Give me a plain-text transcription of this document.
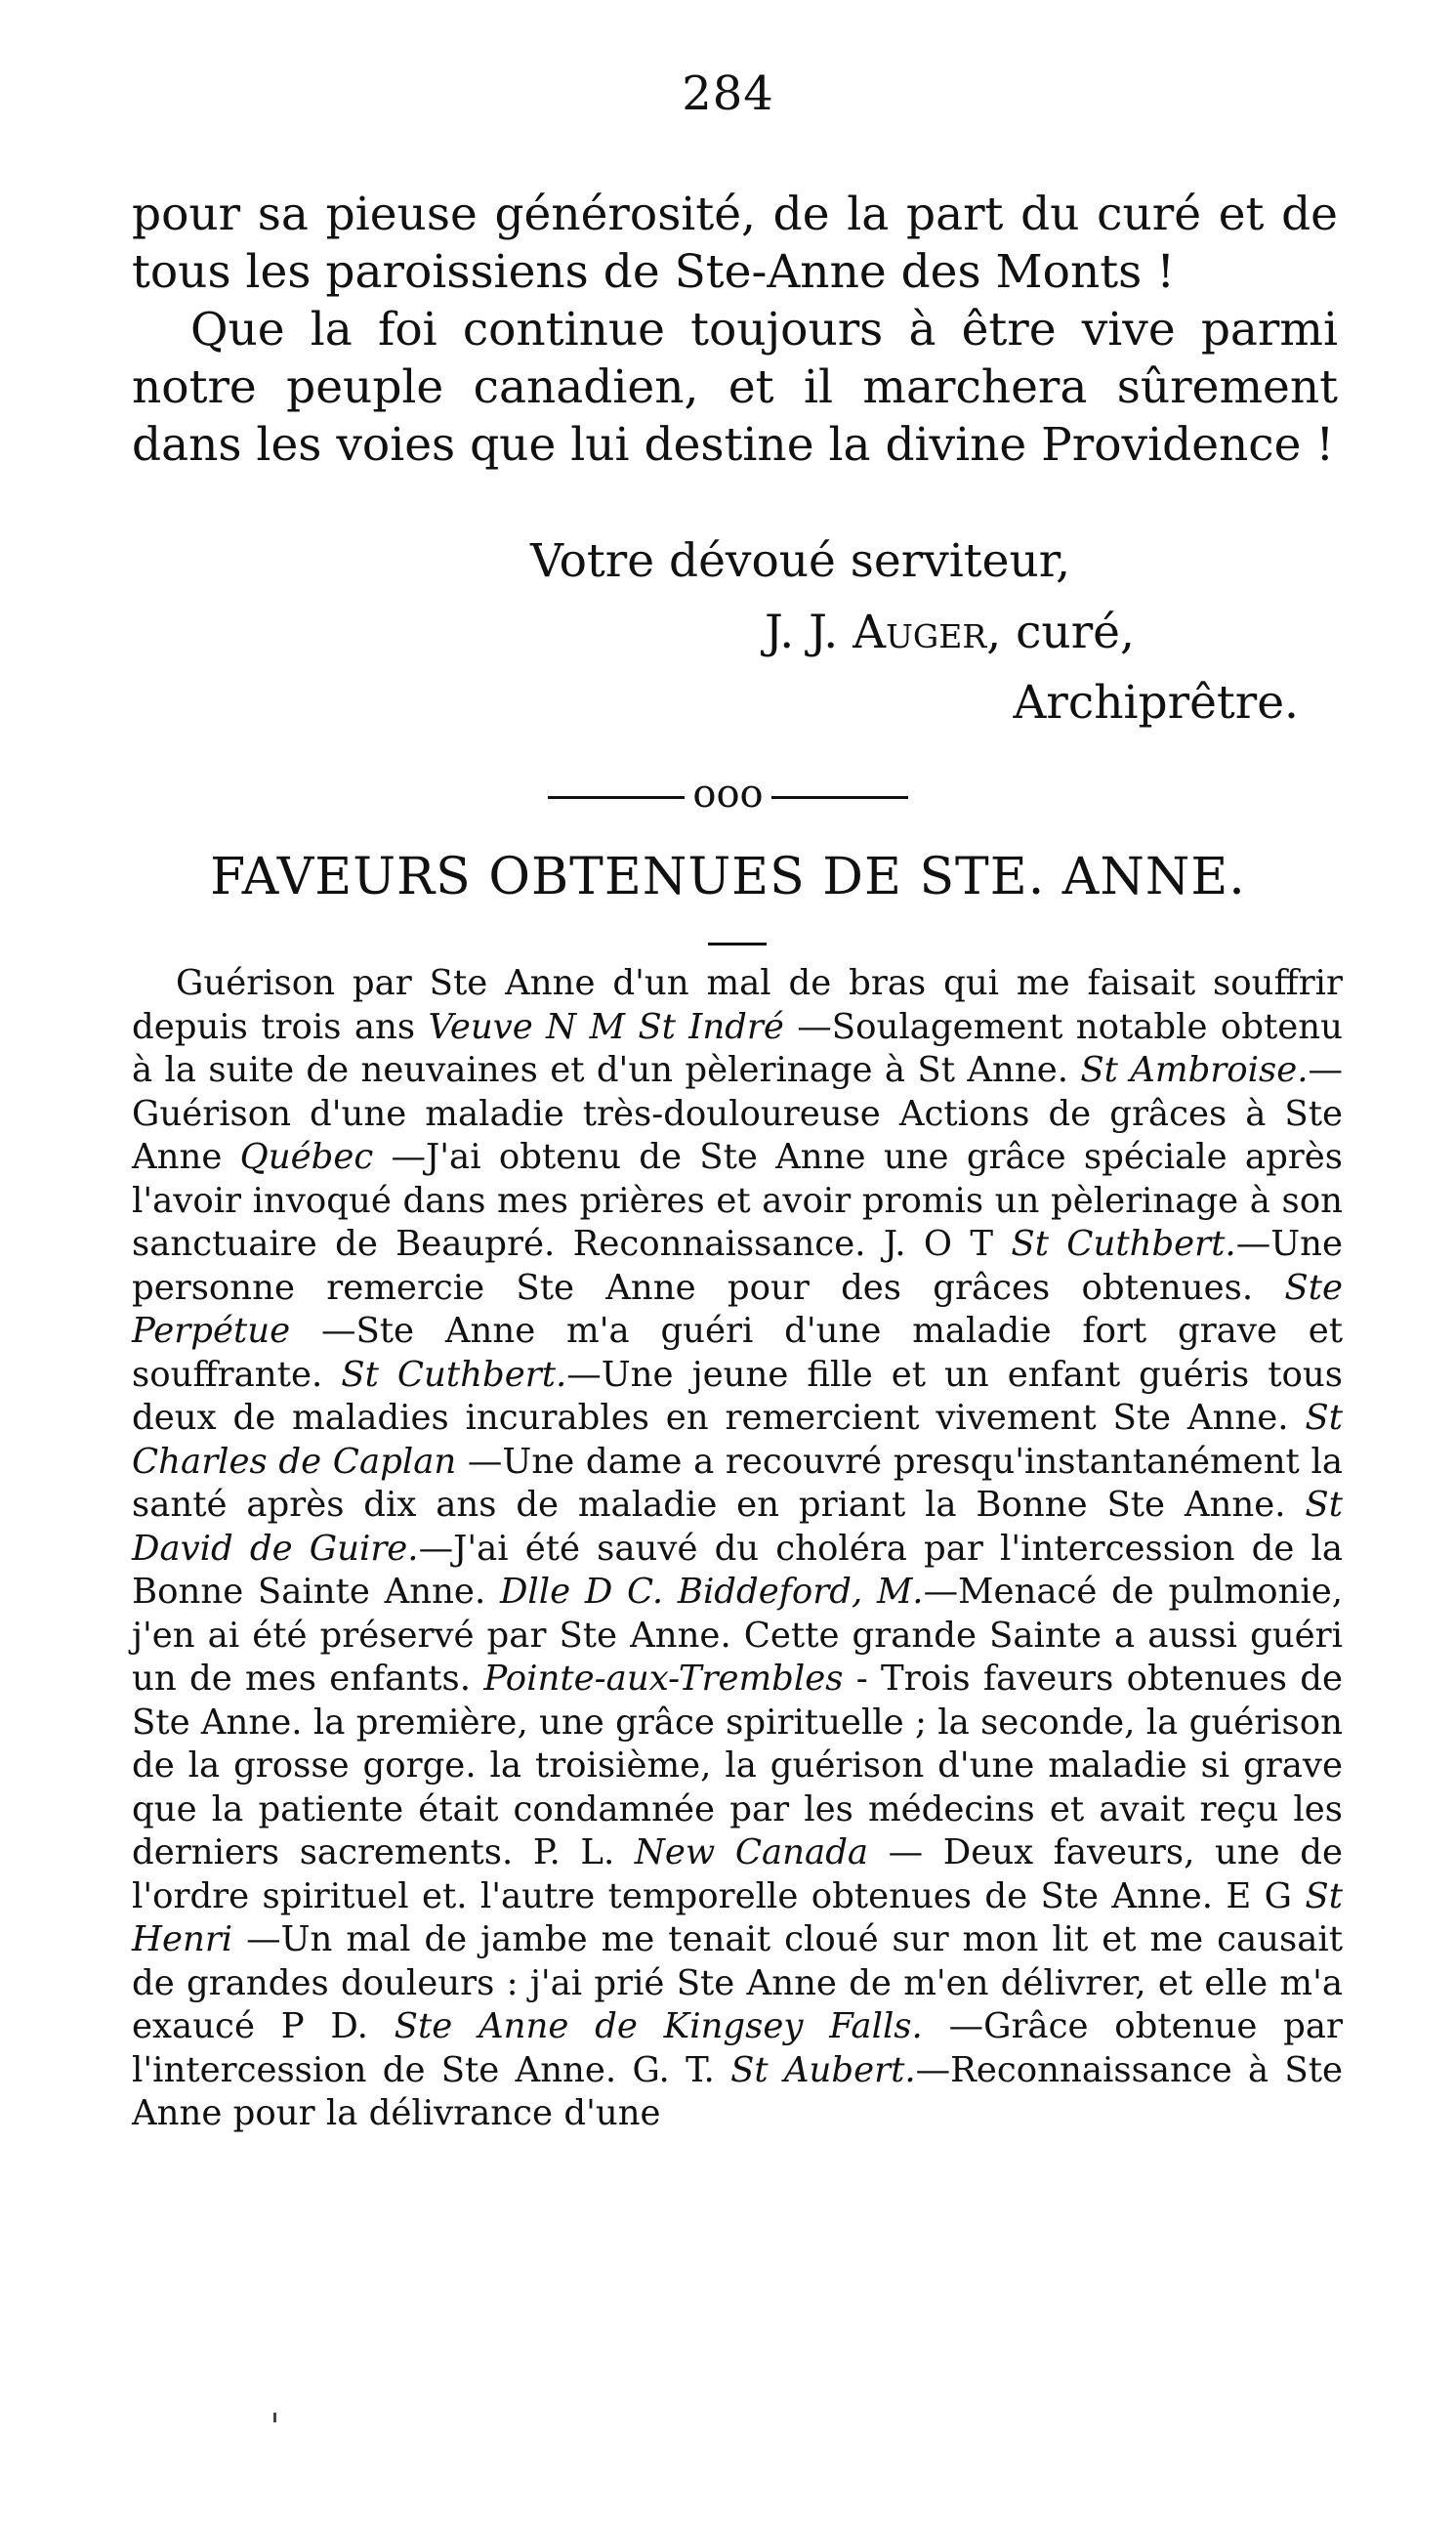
284

pour sa pieuse générosité, de la part du curé et de tous les paroissiens de Ste-Anne des Monts !

Que la foi continue toujours à être vive parmi notre peuple canadien, et il marchera sûrement dans les voies que lui destine la divine Providence !

Votre dévoué serviteur,
J. J. Auger, curé,
Archiprêtre.
ooo
FAVEURS OBTENUES DE STE. ANNE.
Guérison par Ste Anne d'un mal de bras qui me faisait souffrir depuis trois ans Veuve N M St Indré —Soulagement notable obtenu à la suite de neuvaines et d'un pèlerinage à St Anne. St Ambroise.—Guérison d'une maladie très-douloureuse Actions de grâces à Ste Anne Québec —J'ai obtenu de Ste Anne une grâce spéciale après l'avoir invoqué dans mes prières et avoir promis un pèlerinage à son sanctuaire de Beaupré. Reconnaissance. J. O T St Cuthbert.—Une personne remercie Ste Anne pour des grâces obtenues. Ste Perpétue —Ste Anne m'a guéri d'une maladie fort grave et souffrante. St Cuthbert.—Une jeune fille et un enfant guéris tous deux de maladies incurables en remercient vivement Ste Anne. St Charles de Caplan —Une dame a recouvré presqu'instantanément la santé après dix ans de maladie en priant la Bonne Ste Anne. St David de Guire.—J'ai été sauvé du choléra par l'intercession de la Bonne Sainte Anne. Dlle D C. Biddeford, M.—Menacé de pulmonie, j'en ai été préservé par Ste Anne. Cette grande Sainte a aussi guéri un de mes enfants. Pointe-aux-Trembles - Trois faveurs obtenues de Ste Anne. la première, une grâce spirituelle ; la seconde, la guérison de la grosse gorge. la troisième, la guérison d'une maladie si grave que la patiente était condamnée par les médecins et avait reçu les derniers sacrements. P. L. New Canada — Deux faveurs, une de l'ordre spirituel et. l'autre temporelle obtenues de Ste Anne. E G St Henri —Un mal de jambe me tenait cloué sur mon lit et me causait de grandes douleurs : j'ai prié Ste Anne de m'en délivrer, et elle m'a exaucé P D. Ste Anne de Kingsey Falls. —Grâce obtenue par l'intercession de Ste Anne. G. T. St Aubert.—Reconnaissance à Ste Anne pour la délivrance d'une
